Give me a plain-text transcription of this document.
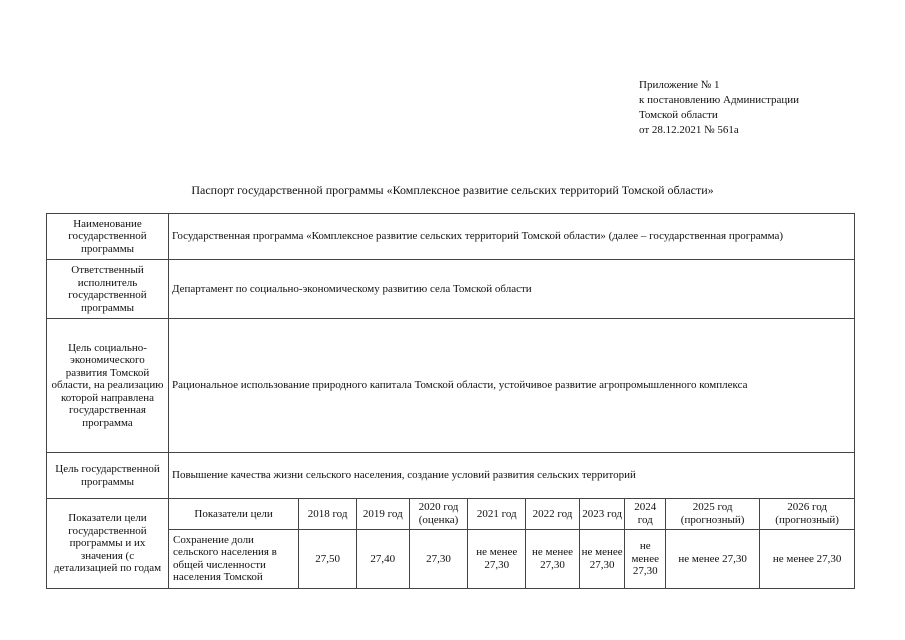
Приложение № 1
к постановлению Администрации
Томской области
от 28.12.2021 № 561а
Паспорт государственной программы «Комплексное развитие сельских территорий Томской области»
Наименование государственной программы	Государственная программа «Комплексное развитие сельских территорий Томской области» (далее – государственная программа)
Ответственный исполнитель государственной программы	Департамент по социально-экономическому развитию села Томской области
Цель социально-экономического развития Томской области, на реализацию которой направлена государственная программа	Рациональное использование природного капитала Томской области, устойчивое развитие агропромышленного комплекса
Цель государственной программы	Повышение качества жизни сельского населения, создание условий развития сельских территорий
Показатели цели государственной программы и их значения (с детализацией по годам	
Показатели цели	2018 год	2019 год	2020 год (оценка)	2021 год	2022 год	2023 год	2024 год	2025 год (прогнозный)	2026 год (прогнозный)
Сохранение доли сельского населения в общей численности населения Томской	27,50	27,40	27,30	не менее 27,30	не менее 27,30	не менее 27,30	не менее 27,30	не менее 27,30	не менее 27,30
